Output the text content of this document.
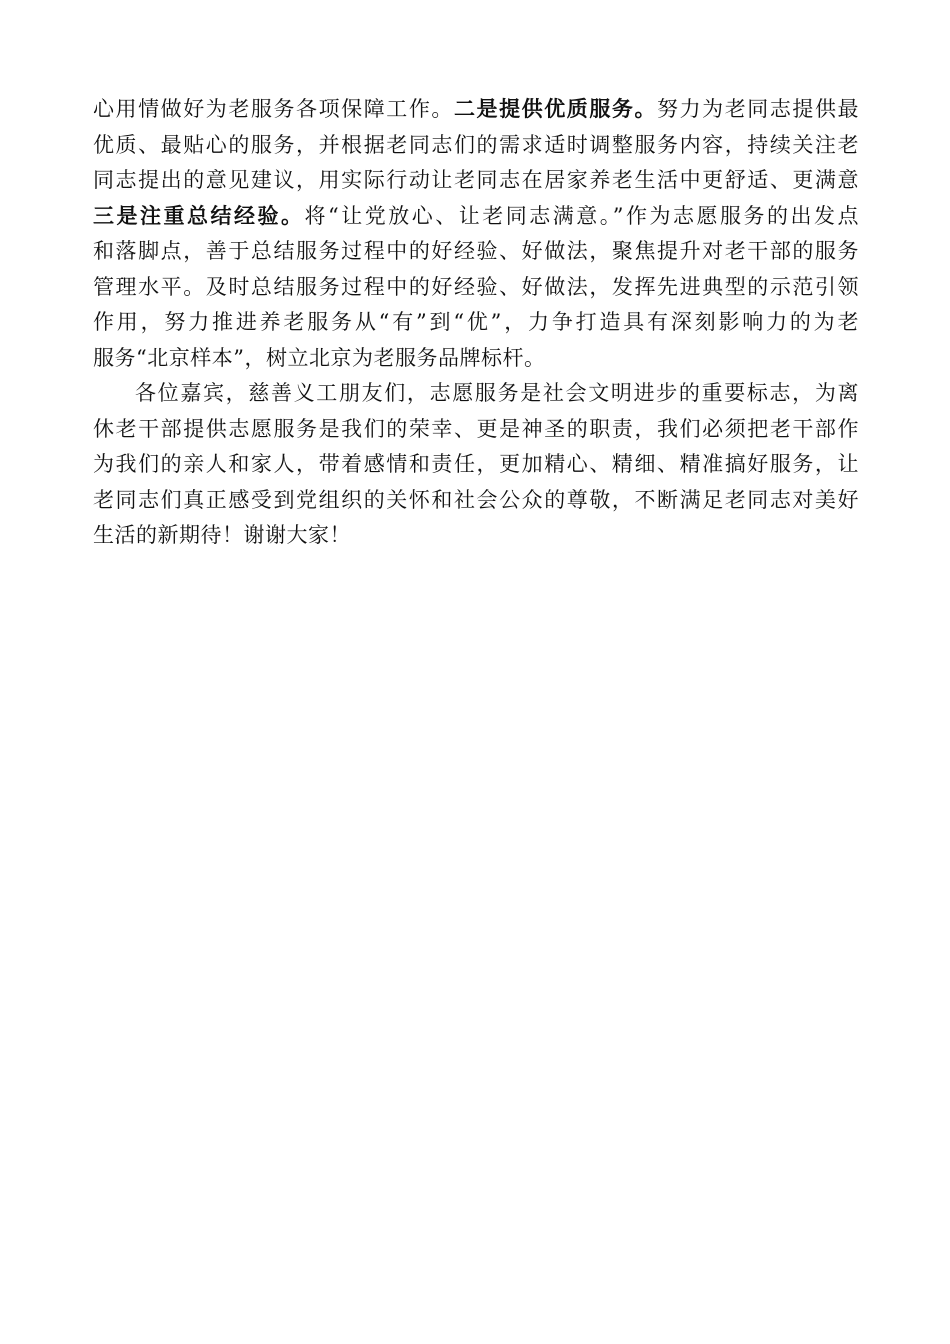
心用情做好为老服务各项保障工作。二是提供优质服务。努力为老同志提供最
优质、最贴心的服务，并根据老同志们的需求适时调整服务内容，持续关注老
同志提出的意见建议，用实际行动让老同志在居家养老生活中更舒适、更满意
三是注重总结经验。将“让党放心、让老同志满意。”作为志愿服务的出发点
和落脚点，善于总结服务过程中的好经验、好做法，聚焦提升对老干部的服务
管理水平。及时总结服务过程中的好经验、好做法，发挥先进典型的示范引领
作用，努力推进养老服务从“有”到“优”，力争打造具有深刻影响力的为老
服务“北京样本”，树立北京为老服务品牌标杆。
各位嘉宾，慈善义工朋友们，志愿服务是社会文明进步的重要标志，为离
休老干部提供志愿服务是我们的荣幸、更是神圣的职责，我们必须把老干部作
为我们的亲人和家人，带着感情和责任，更加精心、精细、精准搞好服务，让
老同志们真正感受到党组织的关怀和社会公众的尊敬，不断满足老同志对美好
生活的新期待！谢谢大家！
